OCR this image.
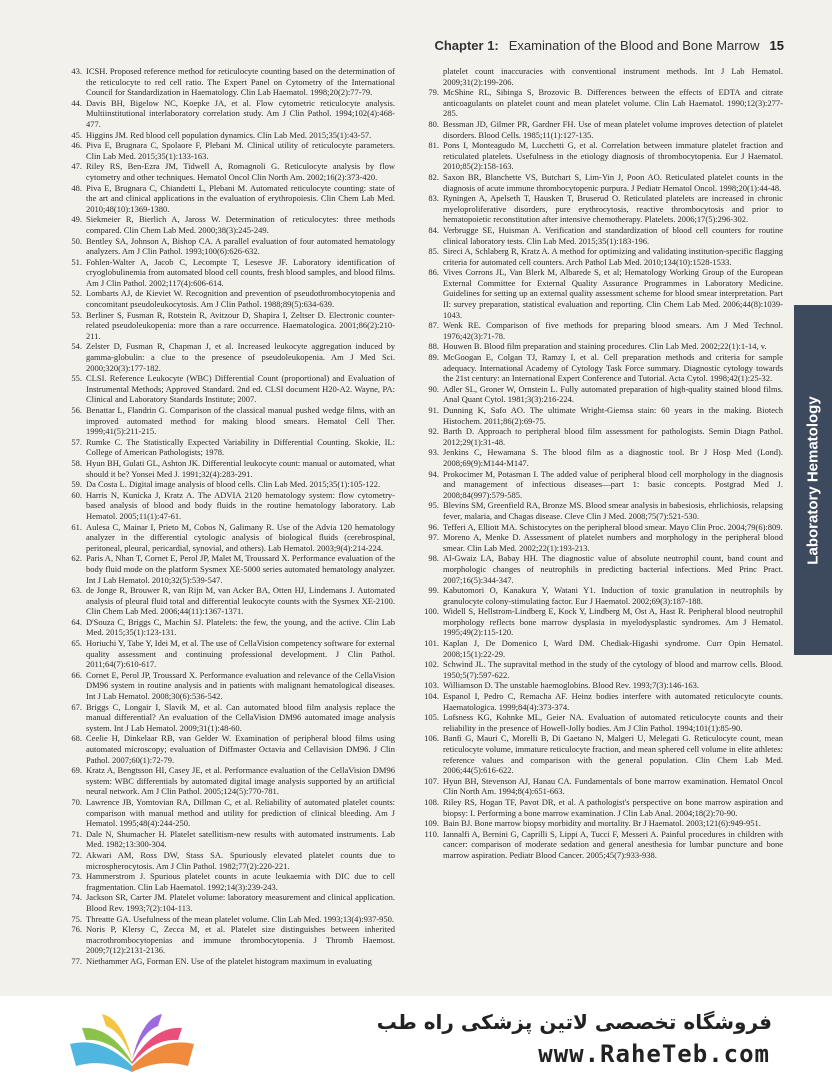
Chapter 1: Examination of the Blood and Bone Marrow 15
43. ICSH. Proposed reference method for reticulocyte counting based on the determination of the reticulocyte to red cell ratio. The Expert Panel on Cytometry of the International Council for Standardization in Haematology. Clin Lab Haematol. 1998;20(2):77-79.
44. Davis BH, Bigelow NC, Koepke JA, et al. Flow cytometric reticulocyte analysis. Multiinstitutional interlaboratory correlation study. Am J Clin Pathol. 1994;102(4):468-477.
45. Higgins JM. Red blood cell population dynamics. Clin Lab Med. 2015;35(1):43-57.
46. Piva E, Brugnara C, Spolaore F, Plebani M. Clinical utility of reticulocyte parameters. Clin Lab Med. 2015;35(1):133-163.
47. Riley RS, Ben-Ezra JM, Tidwell A, Romagnoli G. Reticulocyte analysis by flow cytometry and other techniques. Hematol Oncol Clin North Am. 2002;16(2):373-420.
48. Piva E, Brugnara C, Chiandetti L, Plebani M. Automated reticulocyte counting: state of the art and clinical applications in the evaluation of erythropoiesis. Clin Chem Lab Med. 2010;48(10):1369-1380.
49. Siekmeier R, Bierlich A, Jaross W. Determination of reticulocytes: three methods compared. Clin Chem Lab Med. 2000;38(3):245-249.
50. Bentley SA, Johnson A, Bishop CA. A parallel evaluation of four automated hematology analyzers. Am J Clin Pathol. 1993;100(6):626-632.
51. Fohlen-Walter A, Jacob C, Lecompte T, Lesesve JF. Laboratory identification of cryoglobulinemia from automated blood cell counts, fresh blood samples, and blood films. Am J Clin Pathol. 2002;117(4):606-614.
52. Lombarts AJ, de Kieviet W. Recognition and prevention of pseudothrombocytopenia and concomitant pseudoleukocytosis. Am J Clin Pathol. 1988;89(5):634-639.
53. Berliner S, Fusman R, Rotstein R, Avitzour D, Shapira I, Zeltser D. Electronic counter-related pseudoleukopenia: more than a rare occurrence. Haematologica. 2001;86(2):210-211.
54. Zelster D, Fusman R, Chapman J, et al. Increased leukocyte aggregation induced by gamma-globulin: a clue to the presence of pseudoleukopenia. Am J Med Sci. 2000;320(3):177-182.
55. CLSI. Reference Leukocyte (WBC) Differential Count (proportional) and Evaluation of Instrumental Methods; Approved Standard. 2nd ed. CLSI document H20-A2. Wayne, PA: Clinical and Laboratory Standards Institute; 2007.
56. Benattar L, Flandrin G. Comparison of the classical manual pushed wedge films, with an improved automated method for making blood smears. Hematol Cell Ther. 1999;41(5):211-215.
57. Rumke C. The Statistically Expected Variability in Differential Counting. Skokie, IL: College of American Pathologists; 1978.
58. Hyun BH, Gulati GL, Ashton JK. Differential leukocyte count: manual or automated, what should it be? Yonsei Med J. 1991;32(4):283-291.
59. Da Costa L. Digital image analysis of blood cells. Clin Lab Med. 2015;35(1):105-122.
60. Harris N, Kunicka J, Kratz A. The ADVIA 2120 hematology system: flow cytometry-based analysis of blood and body fluids in the routine hematology laboratory. Lab Hematol. 2005;11(1):47-61.
61. Aulesa C, Mainar I, Prieto M, Cobos N, Galimany R. Use of the Advia 120 hematology analyzer in the differential cytologic analysis of biological fluids (cerebrospinal, peritoneal, pleural, pericardial, synovial, and others). Lab Hematol. 2003;9(4):214-224.
62. Paris A, Nhan T, Cornet E, Perol JP, Malet M, Troussard X. Performance evaluation of the body fluid mode on the platform Sysmex XE-5000 series automated hematology analyzer. Int J Lab Hematol. 2010;32(5):539-547.
63. de Jonge R, Brouwer R, van Rijn M, van Acker BA, Otten HJ, Lindemans J. Automated analysis of pleural fluid total and differential leukocyte counts with the Sysmex XE-2100. Clin Chem Lab Med. 2006;44(11):1367-1371.
64. D'Souza C, Briggs C, Machin SJ. Platelets: the few, the young, and the active. Clin Lab Med. 2015;35(1):123-131.
65. Horiuchi Y, Tabe Y, Idei M, et al. The use of CellaVision competency software for external quality assessment and continuing professional development. J Clin Pathol. 2011;64(7):610-617.
66. Cornet E, Perol JP, Troussard X. Performance evaluation and relevance of the CellaVision DM96 system in routine analysis and in patients with malignant hematological diseases. Int J Lab Hematol. 2008;30(6):536-542.
67. Briggs C, Longair I, Slavik M, et al. Can automated blood film analysis replace the manual differential? An evaluation of the CellaVision DM96 automated image analysis system. Int J Lab Hematol. 2009;31(1):48-60.
68. Ceelie H, Dinkelaar RB, van Gelder W. Examination of peripheral blood films using automated microscopy; evaluation of Diffmaster Octavia and Cellavision DM96. J Clin Pathol. 2007;60(1):72-79.
69. Kratz A, Bengtsson HI, Casey JE, et al. Performance evaluation of the CellaVision DM96 system: WBC differentials by automated digital image analysis supported by an artificial neural network. Am J Clin Pathol. 2005;124(5):770-781.
70. Lawrence JB, Yomtovian RA, Dillman C, et al. Reliability of automated platelet counts: comparison with manual method and utility for prediction of clinical bleeding. Am J Hematol. 1995;48(4):244-250.
71. Dale N, Shumacher H. Platelet satellitism-new results with automated instruments. Lab Med. 1982;13:300-304.
72. Akwari AM, Ross DW, Stass SA. Spuriously elevated platelet counts due to microspherocytosis. Am J Clin Pathol. 1982;77(2):220-221.
73. Hammerstrom J. Spurious platelet counts in acute leukaemia with DIC due to cell fragmentation. Clin Lab Haematol. 1992;14(3):239-243.
74. Jackson SR, Carter JM. Platelet volume: laboratory measurement and clinical application. Blood Rev. 1993;7(2):104-113.
75. Threatte GA. Usefulness of the mean platelet volume. Clin Lab Med. 1993;13(4):937-950.
76. Noris P, Klersy C, Zecca M, et al. Platelet size distinguishes between inherited macrothrombocytopenias and immune thrombocytopenia. J Thromb Haemost. 2009;7(12):2131-2136.
77. Niethammer AG, Forman EN. Use of the platelet histogram maximum in evaluating
platelet count inaccuracies with conventional instrument methods. Int J Lab Hematol. 2009;31(2):199-206.
79. McShine RL, Sibinga S, Brozovic B. Differences between the effects of EDTA and citrate anticoagulants on platelet count and mean platelet volume. Clin Lab Haematol. 1990;12(3):277-285.
80. Bessman JD, Gilmer PR, Gardner FH. Use of mean platelet volume improves detection of platelet disorders. Blood Cells. 1985;11(1):127-135.
81. Pons I, Monteagudo M, Lucchetti G, et al. Correlation between immature platelet fraction and reticulated platelets. Usefulness in the etiology diagnosis of thrombocytopenia. Eur J Haematol. 2010;85(2):158-163.
82. Saxon BR, Blanchette VS, Butchart S, Lim-Yin J, Poon AO. Reticulated platelet counts in the diagnosis of acute immune thrombocytopenic purpura. J Pediatr Hematol Oncol. 1998;20(1):44-48.
83. Ryningen A, Apelseth T, Hausken T, Bruserud O. Reticulated platelets are increased in chronic myeloproliferative disorders, pure erythrocytosis, reactive thrombocytosis and prior to hematopoietic reconstitution after intensive chemotherapy. Platelets. 2006;17(5):296-302.
84. Verbrugge SE, Huisman A. Verification and standardization of blood cell counters for routine clinical laboratory tests. Clin Lab Med. 2015;35(1):183-196.
85. Sireci A, Schlaberg R, Kratz A. A method for optimizing and validating institution-specific flagging criteria for automated cell counters. Arch Pathol Lab Med. 2010;134(10):1528-1533.
86. Vives Corrons JL, Van Blerk M, Albarede S, et al; Hematology Working Group of the European External Committee for External Quality Assurance Programmes in Laboratory Medicine. Guidelines for setting up an external quality assessment scheme for blood smear interpretation. Part II: survey preparation, statistical evaluation and reporting. Clin Chem Lab Med. 2006;44(8):1039-1043.
87. Wenk RE. Comparison of five methods for preparing blood smears. Am J Med Technol. 1976;42(3):71-78.
88. Houwen B. Blood film preparation and staining procedures. Clin Lab Med. 2002;22(1):1-14, v.
89. McGoogan E, Colgan TJ, Ramzy I, et al. Cell preparation methods and criteria for sample adequacy. International Academy of Cytology Task Force summary. Diagnostic cytology towards the 21st century: an International Expert Conference and Tutorial. Acta Cytol. 1998;42(1):25-32.
90. Adler SL, Groner W, Ornstein L. Fully automated preparation of high-quality stained blood films. Anal Quant Cytol. 1981;3(3):216-224.
91. Dunning K, Safo AO. The ultimate Wright-Giemsa stain: 60 years in the making. Biotech Histochem. 2011;86(2):69-75.
92. Barth D. Approach to peripheral blood film assessment for pathologists. Semin Diagn Pathol. 2012;29(1):31-48.
93. Jenkins C, Hewamana S. The blood film as a diagnostic tool. Br J Hosp Med (Lond). 2008;69(9):M144-M147.
94. Prokocimer M, Potasman I. The added value of peripheral blood cell morphology in the diagnosis and management of infectious diseases—part 1: basic concepts. Postgrad Med J. 2008;84(997):579-585.
95. Blevins SM, Greenfield RA, Bronze MS. Blood smear analysis in babesiosis, ehrlichiosis, relapsing fever, malaria, and Chagas disease. Cleve Clin J Med. 2008;75(7):521-530.
96. Tefferi A, Elliott MA. Schistocytes on the peripheral blood smear. Mayo Clin Proc. 2004;79(6):809.
97. Moreno A, Menke D. Assessment of platelet numbers and morphology in the peripheral blood smear. Clin Lab Med. 2002;22(1):193-213.
98. Al-Gwaiz LA, Babay HH. The diagnostic value of absolute neutrophil count, band count and morphologic changes of neutrophils in predicting bacterial infections. Med Princ Pract. 2007;16(5):344-347.
99. Kabutomori O, Kanakura Y, Watani Y1. Induction of toxic granulation in neutrophils by granulocyte colony-stimulating factor. Eur J Haematol. 2002;69(3):187-188.
100. Widell S, Hellstrom-Lindberg E, Kock Y, Lindberg M, Ost A, Hast R. Peripheral blood neutrophil morphology reflects bone marrow dysplasia in myelodysplastic syndromes. Am J Hematol. 1995;49(2):115-120.
101. Kaplan J, De Domenico I, Ward DM. Chediak-Higashi syndrome. Curr Opin Hematol. 2008;15(1):22-29.
102. Schwind JL. The supravital method in the study of the cytology of blood and marrow cells. Blood. 1950;5(7):597-622.
103. Williamson D. The unstable haemoglobins. Blood Rev. 1993;7(3):146-163.
104. Espanol I, Pedro C, Remacha AF. Heinz bodies interfere with automated reticulocyte counts. Haematologica. 1999;84(4):373-374.
105. Lofsness KG, Kohnke ML, Geier NA. Evaluation of automated reticulocyte counts and their reliability in the presence of Howell-Jolly bodies. Am J Clin Pathol. 1994;101(1):85-90.
106. Banfi G, Mauri C, Morelli B, Di Gaetano N, Malgeri U, Melegati G. Reticulocyte count, mean reticulocyte volume, immature reticulocyte fraction, and mean sphered cell volume in elite athletes: reference values and comparison with the general population. Clin Chem Lab Med. 2006;44(5):616-622.
107. Hyun BH, Stevenson AJ, Hanau CA. Fundamentals of bone marrow examination. Hematol Oncol Clin North Am. 1994;8(4):651-663.
108. Riley RS, Hogan TF, Pavot DR, et al. A pathologist's perspective on bone marrow aspiration and biopsy: I. Performing a bone marrow examination. J Clin Lab Anal. 2004;18(2):70-90.
109. Bain BJ. Bone marrow biopsy morbidity and mortality. Br J Haematol. 2003;121(6):949-951.
110. Iannalfi A, Bernini G, Caprilli S, Lippi A, Tucci F, Messeri A. Painful procedures in children with cancer: comparison of moderate sedation and general anesthesia for lumbar puncture and bone marrow aspiration. Pediatr Blood Cancer. 2005;45(7):933-938.
Laboratory Hematology
فروشگاه تخصصی لاتین پزشکی راه طب
www.RaheTeb.com
